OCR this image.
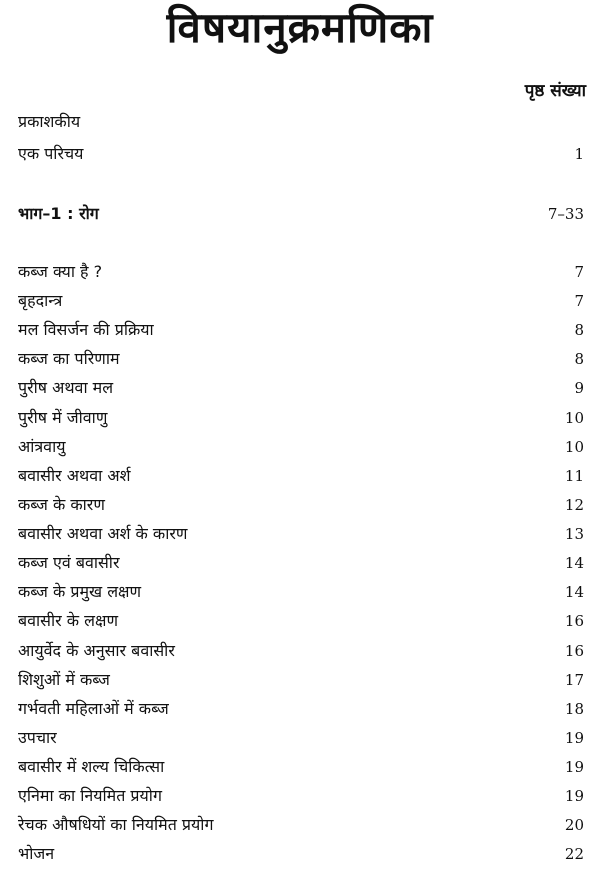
विषयानुक्रमणिका
पृष्ठ संख्या
प्रकाशकीय
एक परिचय	1
भाग–1 : रोग	7–33
कब्ज क्या है ?	7
बृहदान्त्र	7
मल विसर्जन की प्रक्रिया	8
कब्ज का परिणाम	8
पुरीष अथवा मल	9
पुरीष में जीवाणु	10
आंत्रवायु	10
बवासीर अथवा अर्श	11
कब्ज के कारण	12
बवासीर अथवा अर्श के कारण	13
कब्ज एवं बवासीर	14
कब्ज के प्रमुख लक्षण	14
बवासीर के लक्षण	16
आयुर्वेद के अनुसार बवासीर	16
शिशुओं में कब्ज	17
गर्भवती महिलाओं में कब्ज	18
उपचार	19
बवासीर में शल्य चिकित्सा	19
एनिमा का नियमित प्रयोग	19
रेचक औषधियों का नियमित प्रयोग	20
भोजन	22
